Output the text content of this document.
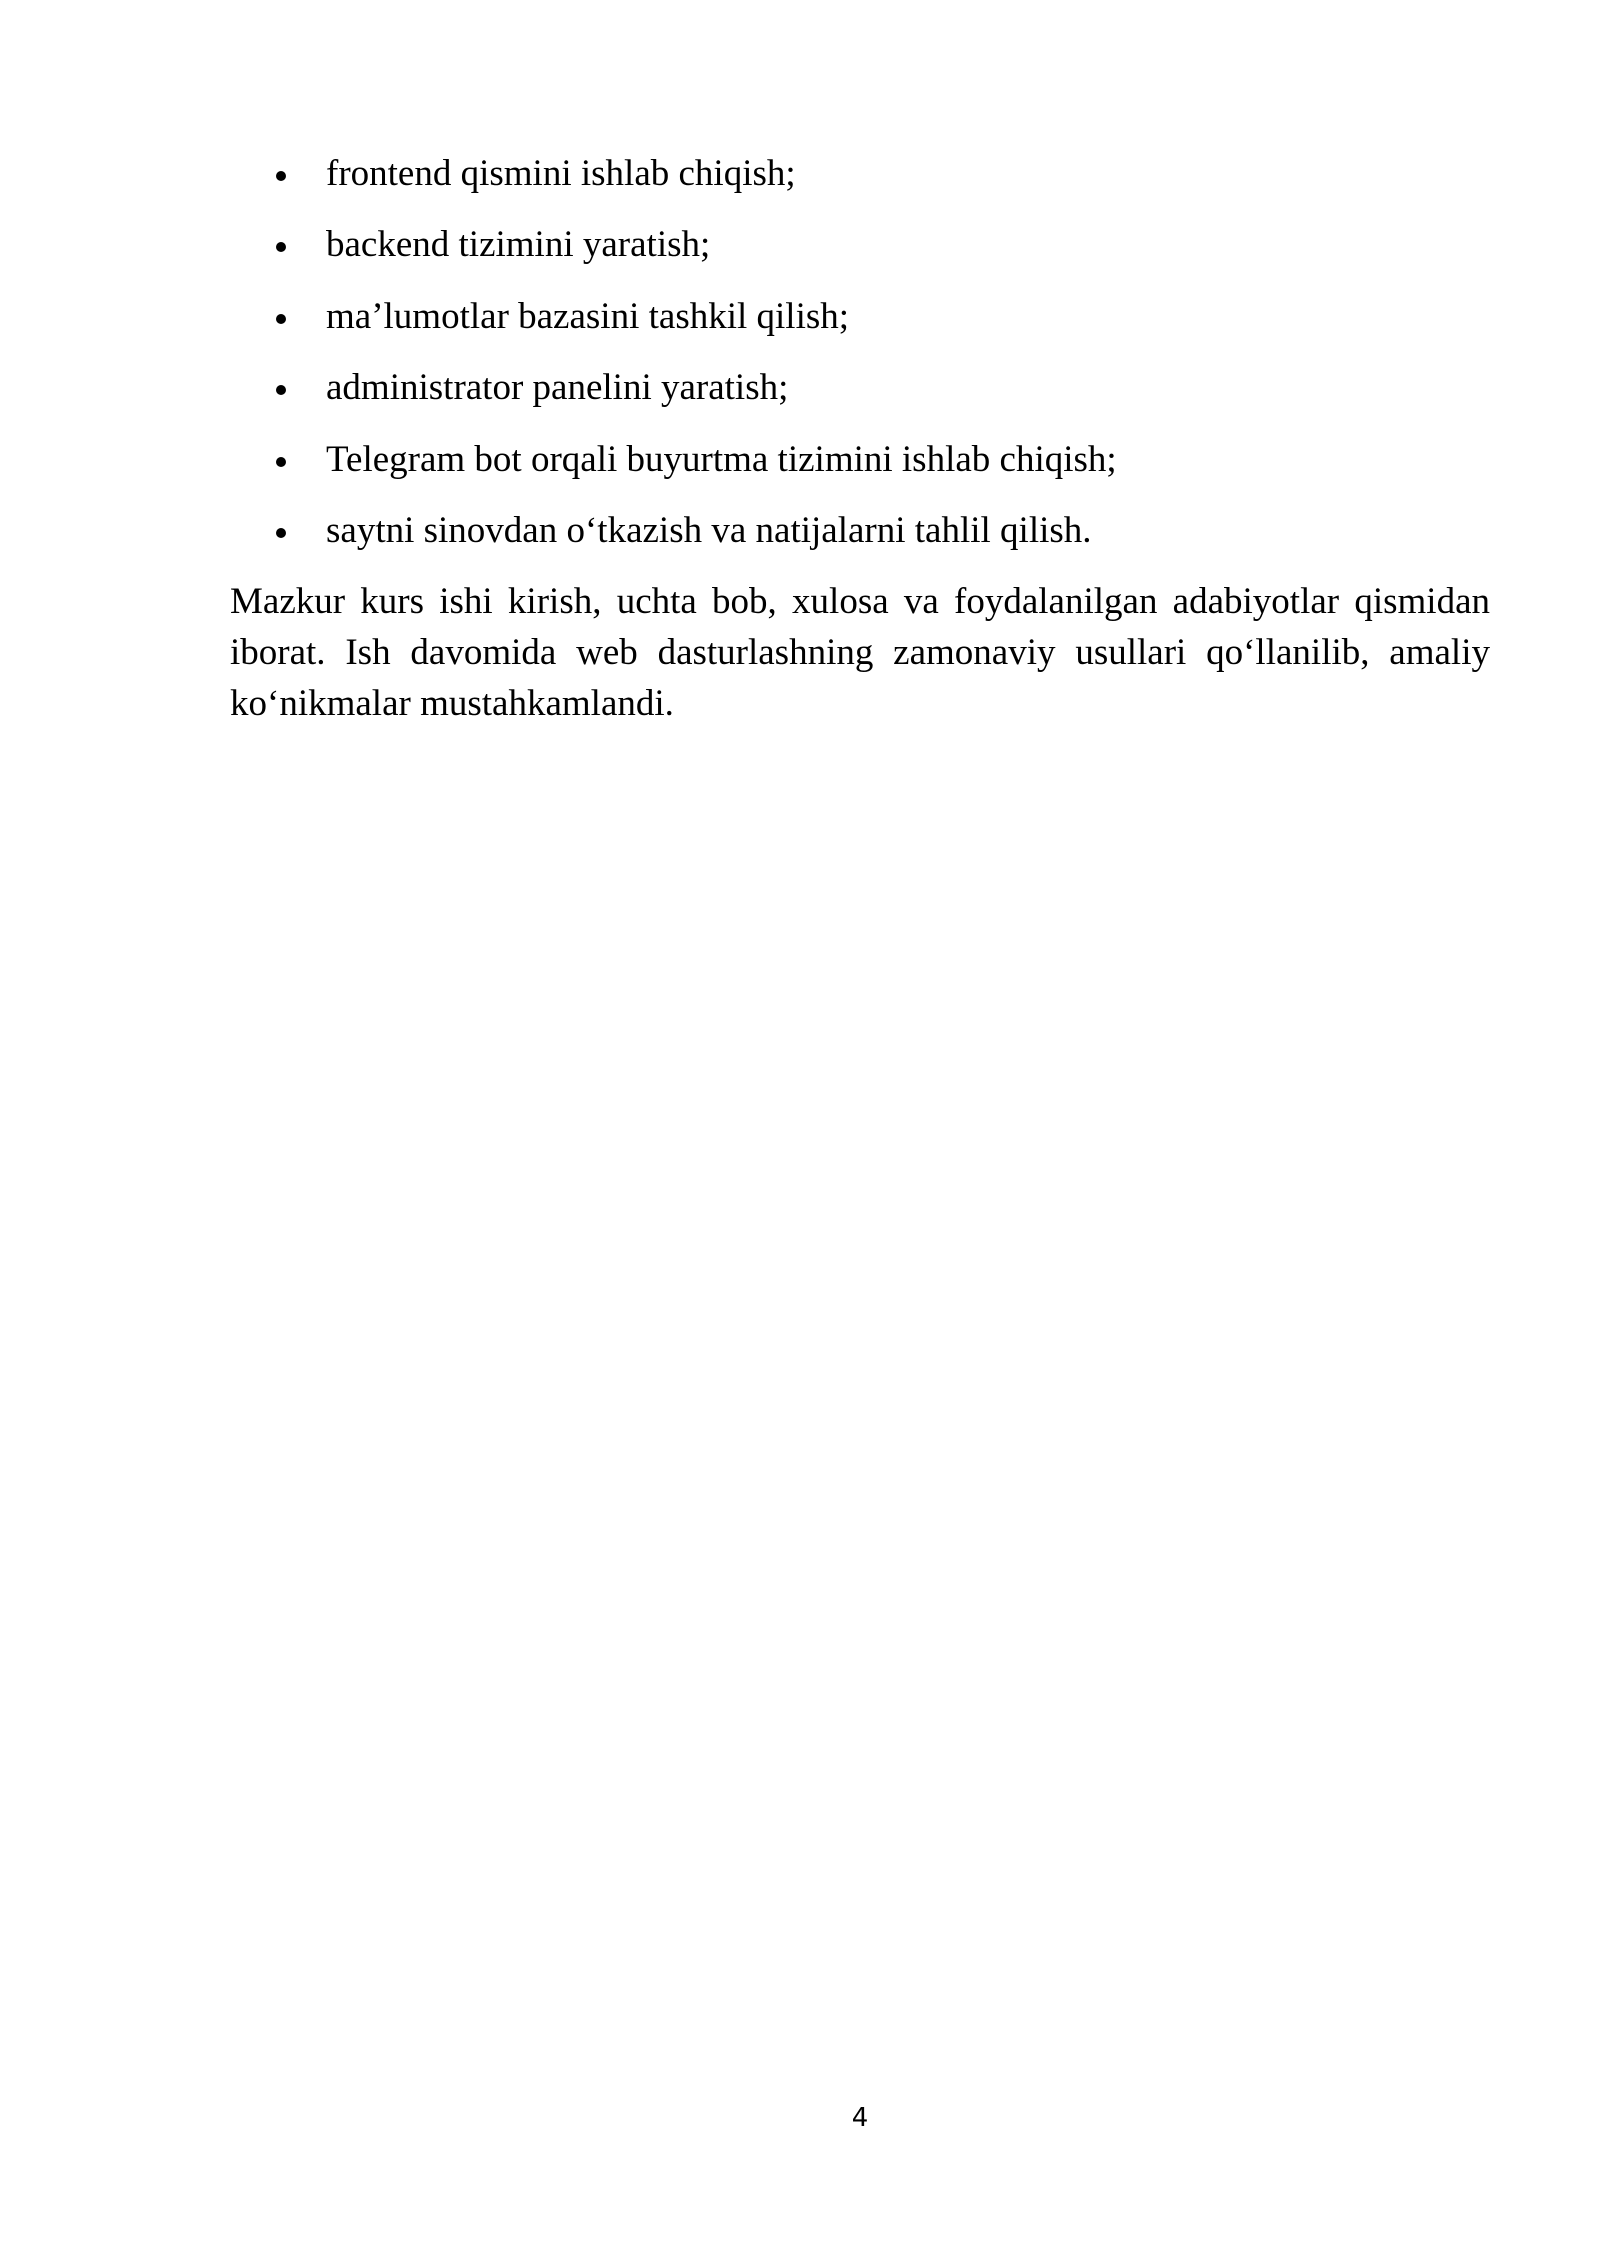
frontend qismini ishlab chiqish;
backend tizimini yaratish;
ma’lumotlar bazasini tashkil qilish;
administrator panelini yaratish;
Telegram bot orqali buyurtma tizimini ishlab chiqish;
saytni sinovdan o‘tkazish va natijalarni tahlil qilish.

Mazkur kurs ishi kirish, uchta bob, xulosa va foydalanilgan adabiyotlar qismidan iborat. Ish davomida web dasturlashning zamonaviy usullari qo‘llanilib, amaliy ko‘nikmalar mustahkamlandi.

4
